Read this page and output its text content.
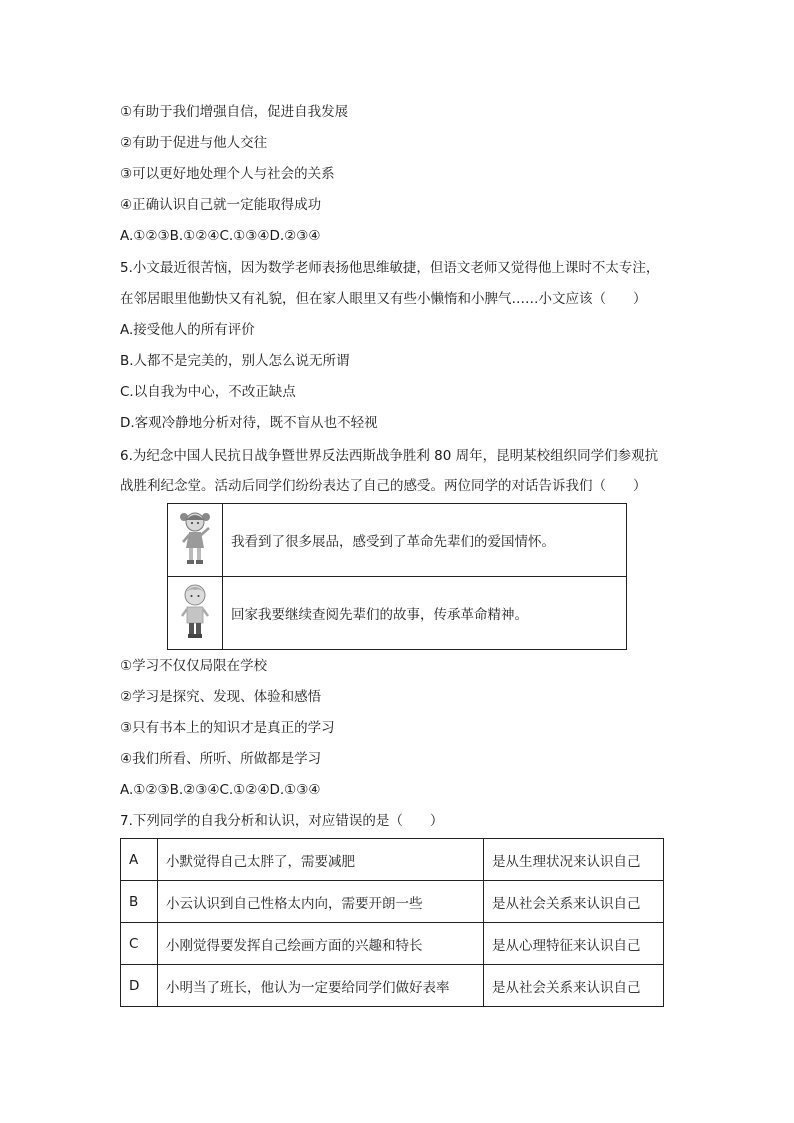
①有助于我们增强自信，促进自我发展
②有助于促进与他人交往
③可以更好地处理个人与社会的关系
④正确认识自己就一定能取得成功
A.①②③B.①②④C.①③④D.②③④
5.小文最近很苦恼，因为数学老师表扬他思维敏捷，但语文老师又觉得他上课时不太专注，
在邻居眼里他勤快又有礼貌，但在家人眼里又有些小懒惰和小脾气……小文应该（　　）
A.接受他人的所有评价
B.人都不是完美的，别人怎么说无所谓
C.以自我为中心，不改正缺点
D.客观冷静地分析对待，既不盲从也不轻视
6.为纪念中国人民抗日战争暨世界反法西斯战争胜利 80 周年，昆明某校组织同学们参观抗
战胜利纪念堂。活动后同学们纷纷表达了自己的感受。两位同学的对话告诉我们（　　）
	我看到了很多展品，感受到了革命先辈们的爱国情怀。
	回家我要继续查阅先辈们的故事，传承革命精神。
①学习不仅仅局限在学校
②学习是探究、发现、体验和感悟
③只有书本上的知识才是真正的学习
④我们所看、所听、所做都是学习
A.①②③B.②③④C.①②④D.①③④
7.下列同学的自我分析和认识，对应错误的是（　　）
A	小默觉得自己太胖了，需要减肥	是从生理状况来认识自己
B	小云认识到自己性格太内向，需要开朗一些	是从社会关系来认识自己
C	小刚觉得要发挥自己绘画方面的兴趣和特长	是从心理特征来认识自己
D	小明当了班长，他认为一定要给同学们做好表率	是从社会关系来认识自己
